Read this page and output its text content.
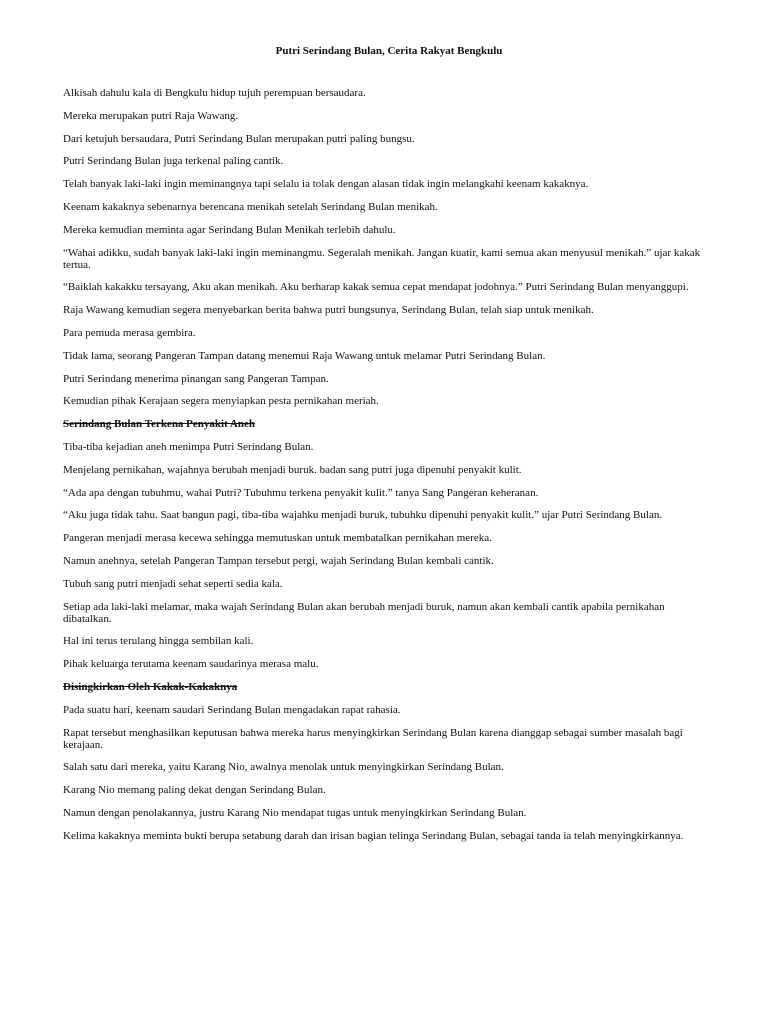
Putri Serindang Bulan, Cerita Rakyat Bengkulu
Alkisah dahulu kala di Bengkulu hidup tujuh perempuan bersaudara.
Mereka merupakan putri Raja Wawang.
Dari ketujuh bersaudara, Putri Serindang Bulan merupakan putri paling bungsu.
Putri Serindang Bulan juga terkenal paling cantik.
Telah banyak laki-laki ingin meminangnya tapi selalu ia tolak dengan alasan tidak ingin melangkahi keenam kakaknya.
Keenam kakaknya sebenarnya berencana menikah setelah Serindang Bulan menikah.
Mereka kemudian meminta agar Serindang Bulan Menikah terlebih dahulu.
“Wahai adikku, sudah banyak laki-laki ingin meminangmu. Segeralah menikah. Jangan kuatir, kami semua akan menyusul menikah.” ujar kakak tertua.
“Baiklah kakakku tersayang, Aku akan menikah. Aku berharap kakak semua cepat mendapat jodohnya.” Putri Serindang Bulan menyanggupi.
Raja Wawang kemudian segera menyebarkan berita bahwa putri bungsunya, Serindang Bulan, telah siap untuk menikah.
Para pemuda merasa gembira.
Tidak lama, seorang Pangeran Tampan datang menemui Raja Wawang untuk melamar Putri Serindang Bulan.
Putri Serindang menerima pinangan sang Pangeran Tampan.
Kemudian pihak Kerajaan segera menyiapkan pesta pernikahan meriah.
Serindang Bulan Terkena Penyakit Aneh
Tiba-tiba kejadian aneh menimpa Putri Serindang Bulan.
Menjelang pernikahan, wajahnya berubah menjadi buruk. badan sang putri juga dipenuhi penyakit kulit.
“Ada apa dengan tubuhmu, wahai Putri? Tubuhmu terkena penyakit kulit.” tanya Sang Pangeran keheranan.
“Aku juga tidak tahu. Saat bangun pagi, tiba-tiba wajahku menjadi buruk, tubuhku dipenuhi penyakit kulit.” ujar Putri Serindang Bulan.
Pangeran menjadi merasa kecewa sehingga memutuskan untuk membatalkan pernikahan mereka.
Namun anehnya, setelah Pangeran Tampan tersebut pergi, wajah Serindang Bulan kembali cantik.
Tubuh sang putri menjadi sehat seperti sedia kala.
Setiap ada laki-laki melamar, maka wajah Serindang Bulan akan berubah menjadi buruk, namun akan kembali cantik apabila pernikahan dibatalkan.
Hal ini terus terulang hingga sembilan kali.
Pihak keluarga terutama keenam saudarinya merasa malu.
Disingkirkan Oleh Kakak-Kakaknya
Pada suatu hari, keenam saudari Serindang Bulan mengadakan rapat rahasia.
Rapat tersebut menghasilkan keputusan bahwa mereka harus menyingkirkan Serindang Bulan karena dianggap sebagai sumber masalah bagi kerajaan.
Salah satu dari mereka, yaitu Karang Nio, awalnya menolak untuk menyingkirkan Serindang Bulan.
Karang Nio memang paling dekat dengan Serindang Bulan.
Namun dengan penolakannya, justru Karang Nio mendapat tugas untuk menyingkirkan Serindang Bulan.
Kelima kakaknya meminta bukti berupa setabung darah dan irisan bagian telinga Serindang Bulan, sebagai tanda ia telah menyingkirkannya.
